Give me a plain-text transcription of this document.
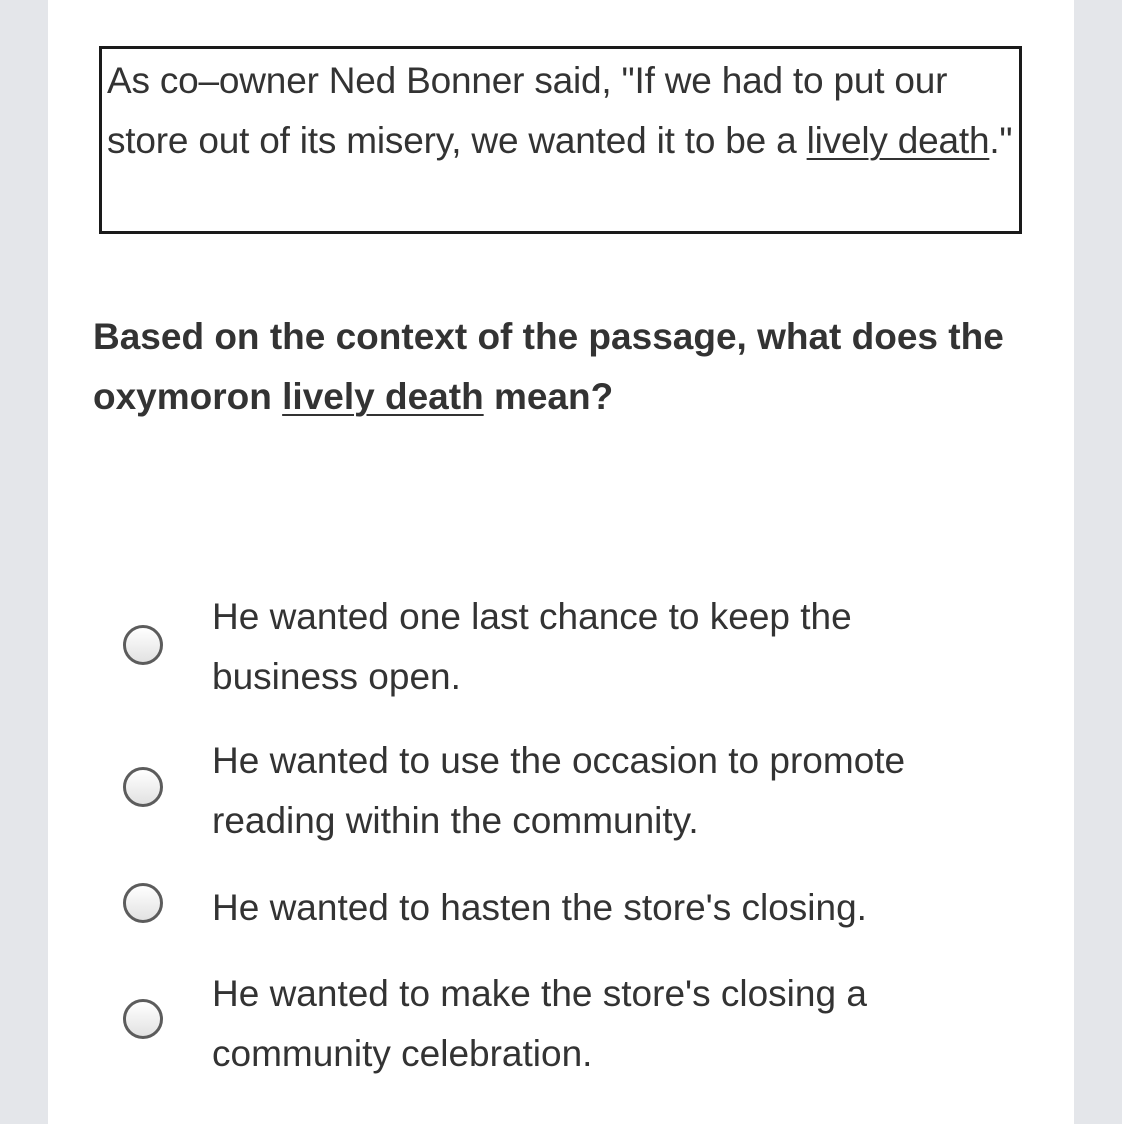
As co–owner Ned Bonner said, "If we had to put our store out of its misery, we wanted it to be a lively death."

Based on the context of the passage, what does the oxymoron lively death mean?

He wanted one last chance to keep the business open.
He wanted to use the occasion to promote reading within the community.
He wanted to hasten the store's closing.
He wanted to make the store's closing a community celebration.
